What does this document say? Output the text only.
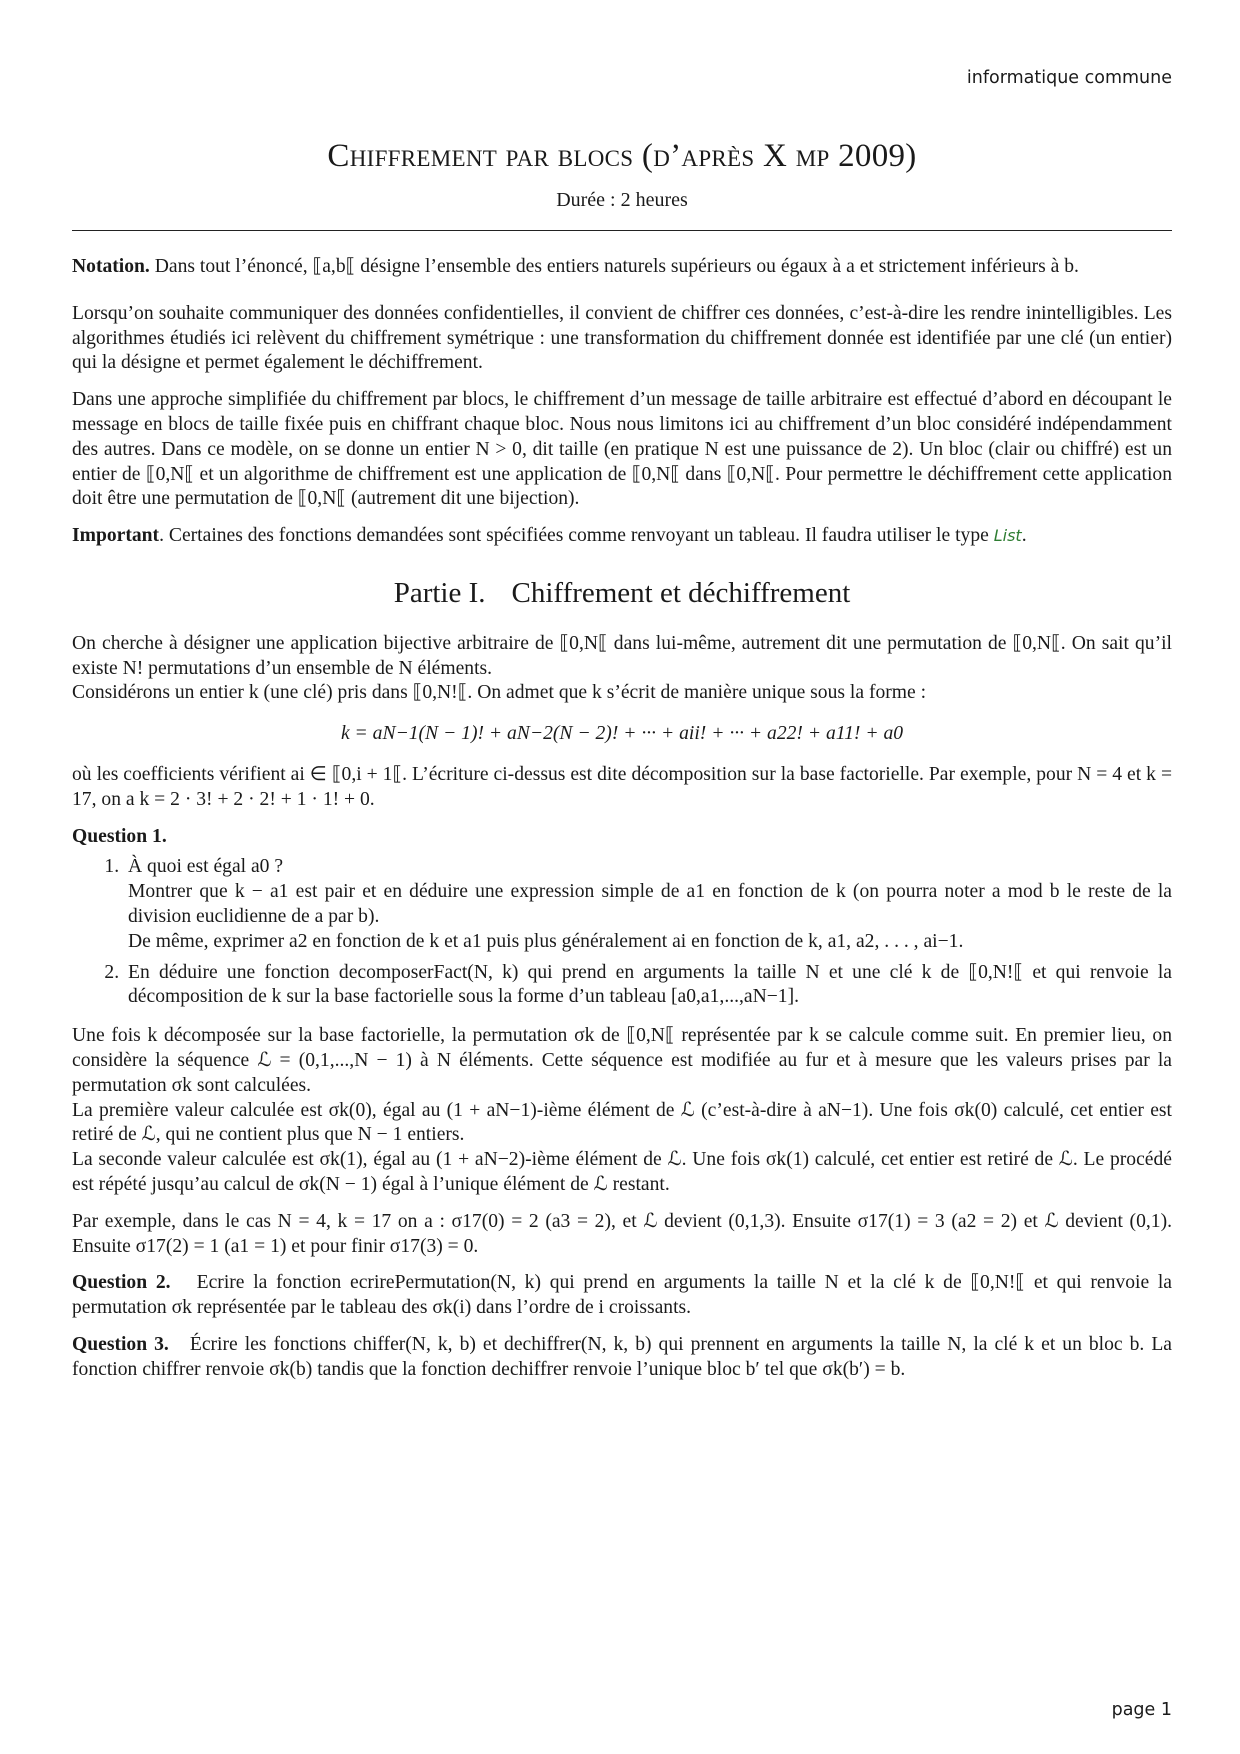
informatique commune
Chiffrement par blocs (d’après X mp 2009)
Durée : 2 heures

Notation. Dans tout l’énoncé, ⟦a,b⟦ désigne l’ensemble des entiers naturels supérieurs ou égaux à a et strictement inférieurs à b.

Lorsqu’on souhaite communiquer des données confidentielles, il convient de chiffrer ces données, c’est-à-dire les rendre inintelligibles. Les algorithmes étudiés ici relèvent du chiffrement symétrique : une transformation du chiffrement donnée est identifiée par une clé (un entier) qui la désigne et permet également le déchiffrement.

Dans une approche simplifiée du chiffrement par blocs, le chiffrement d’un message de taille arbitraire est effectué d’abord en découpant le message en blocs de taille fixée puis en chiffrant chaque bloc. Nous nous limitons ici au chiffrement d’un bloc considéré indépendamment des autres. Dans ce modèle, on se donne un entier N > 0, dit taille (en pratique N est une puissance de 2). Un bloc (clair ou chiffré) est un entier de ⟦0,N⟦ et un algorithme de chiffrement est une application de ⟦0,N⟦ dans ⟦0,N⟦. Pour permettre le déchiffrement cette application doit être une permutation de ⟦0,N⟦ (autrement dit une bijection).

Important. Certaines des fonctions demandées sont spécifiées comme renvoyant un tableau. Il faudra utiliser le type List.

Partie I. Chiffrement et déchiffrement

On cherche à désigner une application bijective arbitraire de ⟦0,N⟦ dans lui-même, autrement dit une permutation de ⟦0,N⟦. On sait qu’il existe N! permutations d’un ensemble de N éléments.

Considérons un entier k (une clé) pris dans ⟦0,N!⟦. On admet que k s’écrit de manière unique sous la forme :

k = aN−1(N − 1)! + aN−2(N − 2)! + ··· + aii! + ··· + a22! + a11! + a0

où les coefficients vérifient ai ∈ ⟦0,i + 1⟦. L’écriture ci-dessus est dite décomposition sur la base factorielle. Par exemple, pour N = 4 et k = 17, on a k = 2 · 3! + 2 · 2! + 1 · 1! + 0.

Question 1.
1. À quoi est égal a0 ?
Montrer que k − a1 est pair et en déduire une expression simple de a1 en fonction de k (on pourra noter a mod b le reste de la division euclidienne de a par b).
De même, exprimer a2 en fonction de k et a1 puis plus généralement ai en fonction de k, a1, a2, . . . , ai−1.
2. En déduire une fonction decomposerFact(N, k) qui prend en arguments la taille N et une clé k de ⟦0,N!⟦ et qui renvoie la décomposition de k sur la base factorielle sous la forme d’un tableau [a0,a1,...,aN−1].

Une fois k décomposée sur la base factorielle, la permutation σk de ⟦0,N⟦ représentée par k se calcule comme suit. En premier lieu, on considère la séquence ℒ = (0,1,...,N − 1) à N éléments. Cette séquence est modifiée au fur et à mesure que les valeurs prises par la permutation σk sont calculées.

La première valeur calculée est σk(0), égal au (1 + aN−1)-ième élément de ℒ (c’est-à-dire à aN−1). Une fois σk(0) calculé, cet entier est retiré de ℒ, qui ne contient plus que N − 1 entiers.

La seconde valeur calculée est σk(1), égal au (1 + aN−2)-ième élément de ℒ. Une fois σk(1) calculé, cet entier est retiré de ℒ. Le procédé est répété jusqu’au calcul de σk(N − 1) égal à l’unique élément de ℒ restant.

Par exemple, dans le cas N = 4, k = 17 on a : σ17(0) = 2 (a3 = 2), et ℒ devient (0,1,3). Ensuite σ17(1) = 3 (a2 = 2) et ℒ devient (0,1). Ensuite σ17(2) = 1 (a1 = 1) et pour finir σ17(3) = 0.

Question 2. Ecrire la fonction ecrirePermutation(N, k) qui prend en arguments la taille N et la clé k de ⟦0,N!⟦ et qui renvoie la permutation σk représentée par le tableau des σk(i) dans l’ordre de i croissants.

Question 3. Écrire les fonctions chiffer(N, k, b) et dechiffrer(N, k, b) qui prennent en arguments la taille N, la clé k et un bloc b. La fonction chiffrer renvoie σk(b) tandis que la fonction dechiffrer renvoie l’unique bloc b′ tel que σk(b′) = b.

page 1
